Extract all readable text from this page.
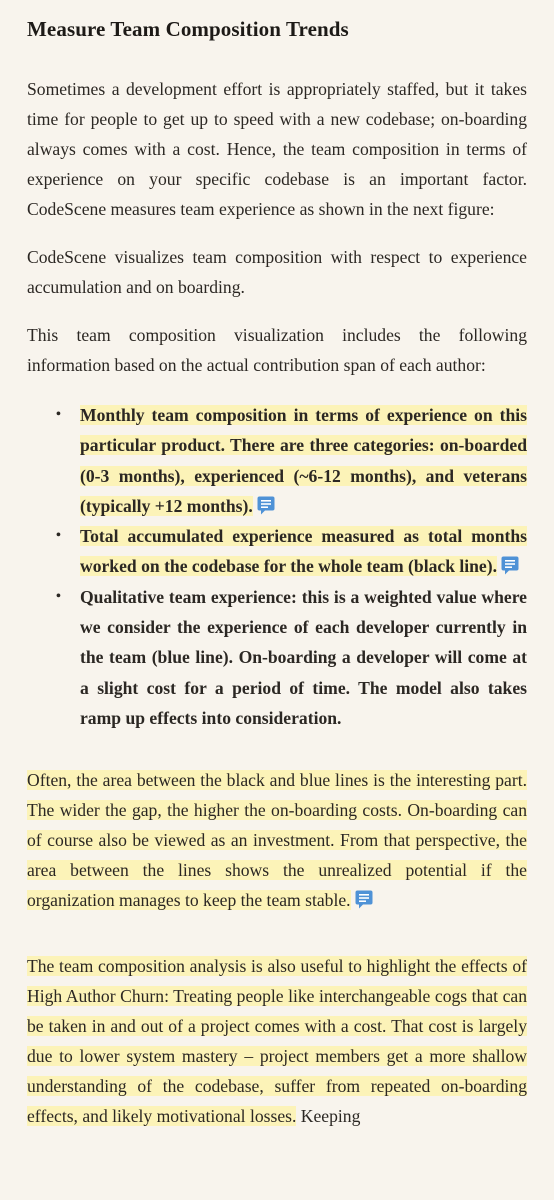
Measure Team Composition Trends

Sometimes a development effort is appropriately staffed, but it takes time for people to get up to speed with a new codebase; on-boarding always comes with a cost. Hence, the team composition in terms of experience on your specific codebase is an important factor. CodeScene measures team experience as shown in the next figure:

CodeScene visualizes team composition with respect to experience accumulation and on boarding.

This team composition visualization includes the following information based on the actual contribution span of each author:

• Monthly team composition in terms of experience on this particular product. There are three categories: on-boarded (0-3 months), experienced (~6-12 months), and veterans (typically +12 months).
• Total accumulated experience measured as total months worked on the codebase for the whole team (black line).
• Qualitative team experience: this is a weighted value where we consider the experience of each developer currently in the team (blue line). On-boarding a developer will come at a slight cost for a period of time. The model also takes ramp up effects into consideration.

Often, the area between the black and blue lines is the interesting part. The wider the gap, the higher the on-boarding costs. On-boarding can of course also be viewed as an investment. From that perspective, the area between the lines shows the unrealized potential if the organization manages to keep the team stable.

The team composition analysis is also useful to highlight the effects of High Author Churn: Treating people like interchangeable cogs that can be taken in and out of a project comes with a cost. That cost is largely due to lower system mastery – project members get a more shallow understanding of the codebase, suffer from repeated on-boarding effects, and likely motivational losses. Keeping
